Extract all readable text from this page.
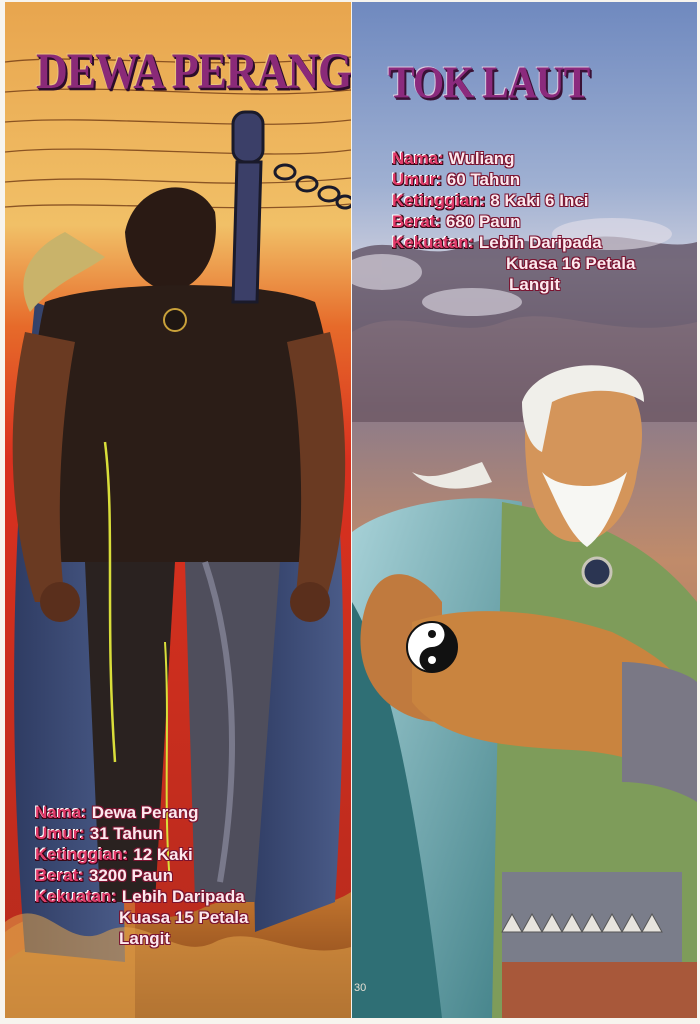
DEWA PERANG
Nama: Dewa Perang
Umur: 31 Tahun
Ketinggian: 12 Kaki
Berat: 3200 Paun
Kekuatan: Lebih Daripada
Kuasa 15 Petala
Langit
TOK LAUT
Nama: Wuliang
Umur: 60 Tahun
Ketinggian: 8 Kaki 6 Inci
Berat: 680 Paun
Kekuatan: Lebih Daripada
Kuasa 16 Petala
Langit
30
